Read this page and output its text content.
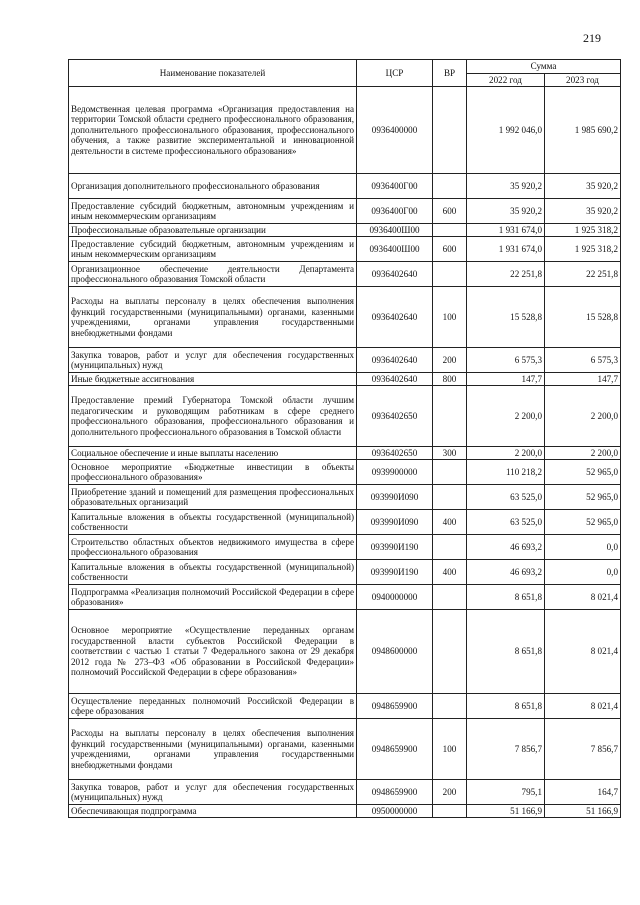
219
Наименование показателей	ЦСР	ВР	Сумма	
			2022 год	2023 год
Ведомственная целевая программа «Организация предоставления на территории Томской области среднего профессионального образования, дополнительного профессионального образования, профессионального обучения, а также развитие экспериментальной и инновационной деятельности в системе профессионального образования»	0936400000		1 992 046,0	1 985 690,2
Организация дополнительного профессионального образования	0936400Г00		35 920,2	35 920,2
Предоставление субсидий бюджетным, автономным учреждениям и иным некоммерческим организациям	0936400Г00	600	35 920,2	35 920,2
Профессиональные образовательные организации	0936400Ш00		1 931 674,0	1 925 318,2
Предоставление субсидий бюджетным, автономным учреждениям и иным некоммерческим организациям	0936400Ш00	600	1 931 674,0	1 925 318,2
Организационное обеспечение деятельности Департамента профессионального образования Томской области	0936402640		22 251,8	22 251,8
Расходы на выплаты персоналу в целях обеспечения выполнения функций государственными (муниципальными) органами, казенными учреждениями, органами управления государственными внебюджетными фондами	0936402640	100	15 528,8	15 528,8
Закупка товаров, работ и услуг для обеспечения государственных (муниципальных) нужд	0936402640	200	6 575,3	6 575,3
Иные бюджетные ассигнования	0936402640	800	147,7	147,7
Предоставление премий Губернатора Томской области лучшим педагогическим и руководящим работникам в сфере среднего профессионального образования, профессионального образования и дополнительного профессионального образования в Томской области	0936402650		2 200,0	2 200,0
Социальное обеспечение и иные выплаты населению	0936402650	300	2 200,0	2 200,0
Основное мероприятие «Бюджетные инвестиции в объекты профессионального образования»	0939900000		110 218,2	52 965,0
Приобретение зданий и помещений для размещения профессиональных образовательных организаций	093990И090		63 525,0	52 965,0
Капитальные вложения в объекты государственной (муниципальной) собственности	093990И090	400	63 525,0	52 965,0
Строительство областных объектов недвижимого имущества в сфере профессионального образования	093990И190		46 693,2	0,0
Капитальные вложения в объекты государственной (муниципальной) собственности	093990И190	400	46 693,2	0,0
Подпрограмма «Реализация полномочий Российской Федерации в сфере образования»	0940000000		8 651,8	8 021,4
Основное мероприятие «Осуществление переданных органам государственной власти субъектов Российской Федерации в соответствии с частью 1 статьи 7 Федерального закона от 29 декабря 2012 года № 273–ФЗ «Об образовании в Российской Федерации» полномочий Российской Федерации в сфере образования»	0948600000		8 651,8	8 021,4
Осуществление переданных полномочий Российской Федерации в сфере образования	0948659900		8 651,8	8 021,4
Расходы на выплаты персоналу в целях обеспечения выполнения функций государственными (муниципальными) органами, казенными учреждениями, органами управления государственными внебюджетными фондами	0948659900	100	7 856,7	7 856,7
Закупка товаров, работ и услуг для обеспечения государственных (муниципальных) нужд	0948659900	200	795,1	164,7
Обеспечивающая подпрограмма	0950000000		51 166,9	51 166,9
